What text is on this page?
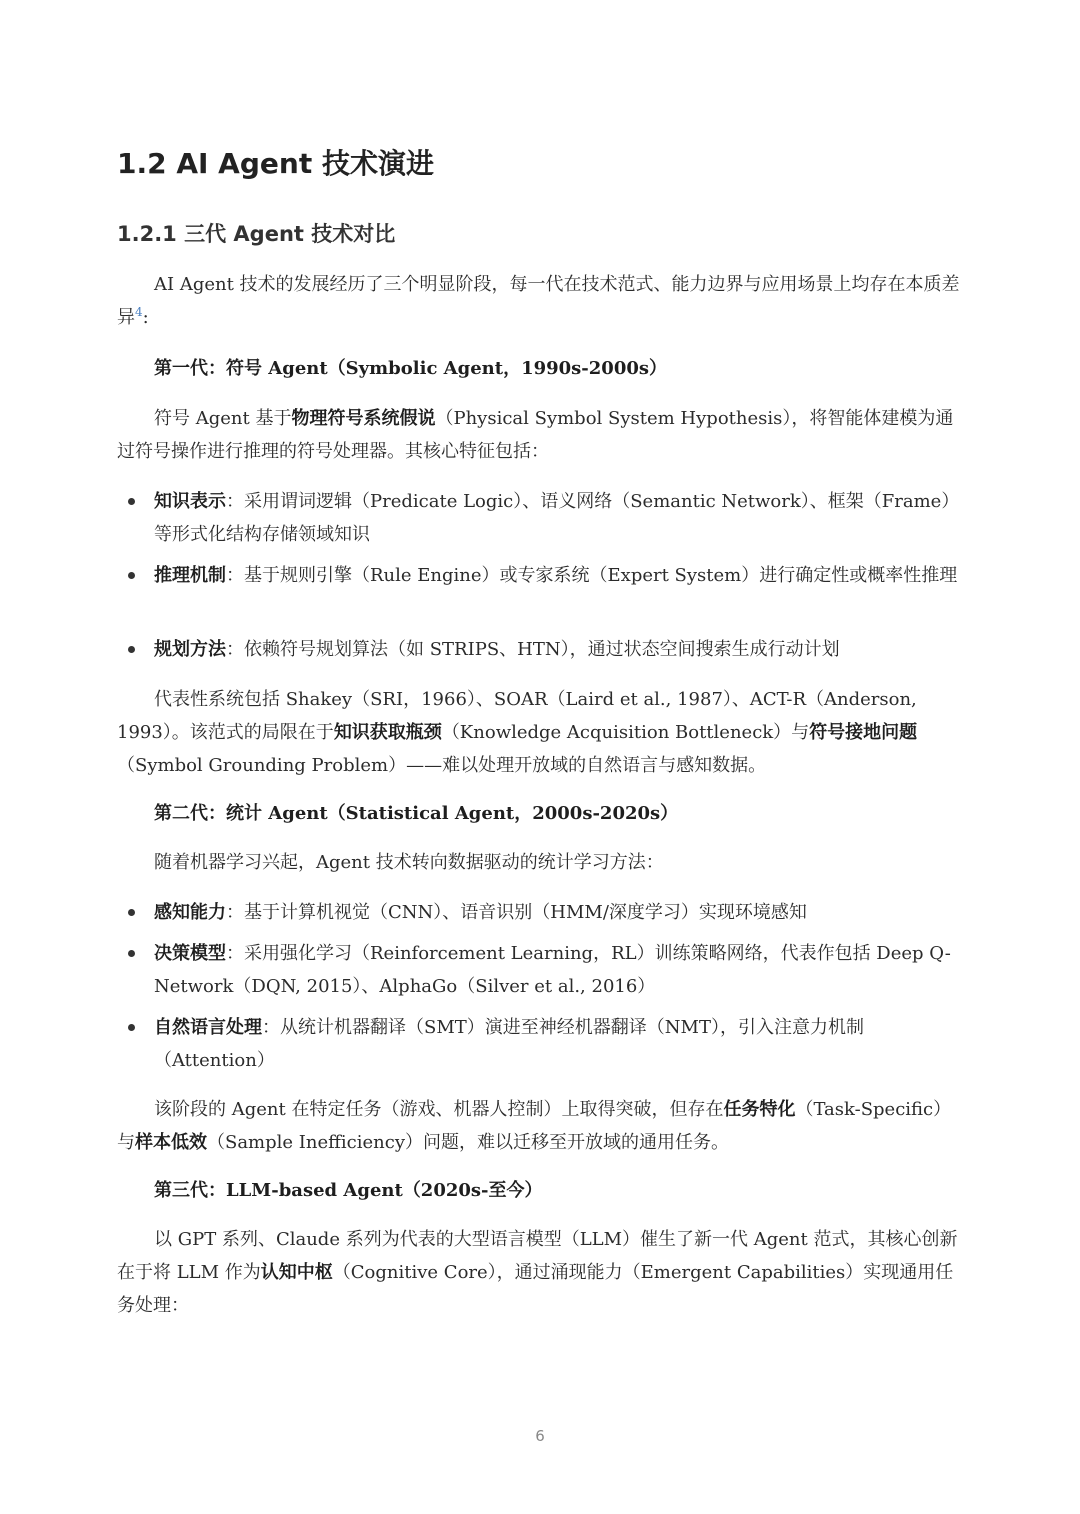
1.2 AI Agent 技术演进
1.2.1 三代 Agent 技术对比
AI Agent 技术的发展经历了三个明显阶段，每一代在技术范式、能力边界与应用场景上均存在本质差异$^4$:
第一代：符号 Agent（Symbolic Agent，1990s-2000s）
符号 Agent 基于物理符号系统假说（Physical Symbol System Hypothesis），将智能体建模为通过符号操作进行推理的符号处理器。其核心特征包括：
知识表示：采用谓词逻辑（Predicate Logic）、语义网络（Semantic Network）、框架（Frame）等形式化结构存储领域知识
推理机制：基于规则引擎（Rule Engine）或专家系统（Expert System）进行确定性或概率性推理
规划方法：依赖符号规划算法（如 STRIPS、HTN），通过状态空间搜索生成行动计划
代表性系统包括 Shakey（SRI，1966）、SOAR（Laird et al., 1987）、ACT-R（Anderson, 1993）。该范式的局限在于知识获取瓶颈（Knowledge Acquisition Bottleneck）与符号接地问题（Symbol Grounding Problem）——难以处理开放域的自然语言与感知数据。
第二代：统计 Agent（Statistical Agent，2000s-2020s）
随着机器学习兴起，Agent 技术转向数据驱动的统计学习方法：
感知能力：基于计算机视觉（CNN）、语音识别（HMM/深度学习）实现环境感知
决策模型：采用强化学习（Reinforcement Learning，RL）训练策略网络，代表作包括 Deep Q-Network（DQN, 2015）、AlphaGo（Silver et al., 2016）
自然语言处理：从统计机器翻译（SMT）演进至神经机器翻译（NMT），引入注意力机制（Attention）
该阶段的 Agent 在特定任务（游戏、机器人控制）上取得突破，但存在任务特化（Task-Specific）与样本低效（Sample Inefficiency）问题，难以迁移至开放域的通用任务。
第三代：LLM-based Agent（2020s-至今）
以 GPT 系列、Claude 系列为代表的大型语言模型（LLM）催生了新一代 Agent 范式，其核心创新在于将 LLM 作为认知中枢（Cognitive Core），通过涌现能力（Emergent Capabilities）实现通用任务处理：
6
